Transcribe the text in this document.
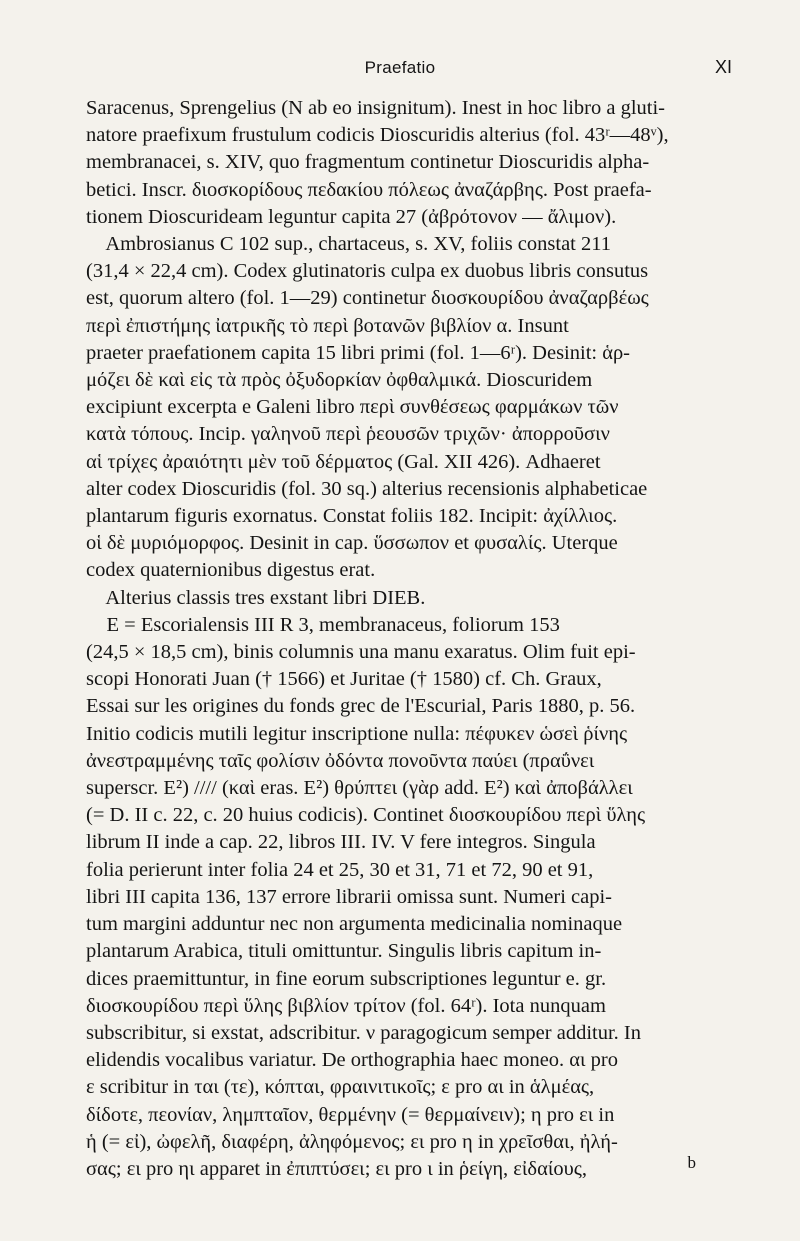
Praefatio	XI
Saracenus, Sprengelius (N ab eo insignitum). Inest in hoc libro a gluti-
natore praefixum frustulum codicis Dioscuridis alterius (fol. 43ʳ—48ᵛ),
membranacei, s. XIV, quo fragmentum continetur Dioscuridis alpha-
betici. Inscr. διοσκορίδους πεδακίου πόλεως ἀναζάρβης. Post praefa-
tionem Dioscurideam leguntur capita 27 (ἀβρότονον — ἄλιμον).
Ambrosianus C 102 sup., chartaceus, s. XV, foliis constat 211
(31,4 × 22,4 cm). Codex glutinatoris culpa ex duobus libris consutus
est, quorum altero (fol. 1—29) continetur διοσκουρίδου ἀναζαρβέως
περὶ ἐπιστήμης ἰατρικῆς τὸ περὶ βοτανῶν βιβλίον α. Insunt
praeter praefationem capita 15 libri primi (fol. 1—6ʳ). Desinit: ἁρ-
μόζει δὲ καὶ εἰς τὰ πρὸς ὀξυδορκίαν ὀφθαλμικά. Dioscuridem
excipiunt excerpta e Galeni libro περὶ συνθέσεως φαρμάκων τῶν
κατὰ τόπους. Incip. γαληνοῦ περὶ ῥεουσῶν τριχῶν· ἀπορροῦσιν
αἱ τρίχες ἀραιότητι μὲν τοῦ δέρματος (Gal. XII 426). Adhaeret
alter codex Dioscuridis (fol. 30 sq.) alterius recensionis alphabeticae
plantarum figuris exornatus. Constat foliis 182. Incipit: ἀχίλλιος.
οἱ δὲ μυριόμορφος. Desinit in cap. ὕσσωπον et φυσαλίς. Uterque
codex quaternionibus digestus erat.
Alterius classis tres exstant libri DIEB.
E = Escorialensis III R 3, membranaceus, foliorum 153
(24,5 × 18,5 cm), binis columnis una manu exaratus. Olim fuit epi-
scopi Honorati Juan († 1566) et Juritae († 1580) cf. Ch. Graux,
Essai sur les origines du fonds grec de l'Escurial, Paris 1880, p. 56.
Initio codicis mutili legitur inscriptione nulla: πέφυκεν ὡσεὶ ῥίνης
ἀνεστραμμένης ταῖς φολίσιν ὀδόντα πονοῦντα παύει (πραΰνει
superscr. E²) //// (καὶ eras. E²) θρύπτει (γὰρ add. E²) καὶ ἀποβάλλει
(= D. II c. 22, c. 20 huius codicis). Continet διοσκουρίδου περὶ ὕλης
librum II inde a cap. 22, libros III. IV. V fere integros. Singula
folia perierunt inter folia 24 et 25, 30 et 31, 71 et 72, 90 et 91,
libri III capita 136, 137 errore librarii omissa sunt. Numeri capi-
tum margini adduntur nec non argumenta medicinalia nominaque
plantarum Arabica, tituli omittuntur. Singulis libris capitum in-
dices praemittuntur, in fine eorum subscriptiones leguntur e. gr.
διοσκουρίδου περὶ ὕλης βιβλίον τρίτον (fol. 64ʳ). Iota nunquam
subscribitur, si exstat, adscribitur. ν paragogicum semper additur. In
elidendis vocalibus variatur. De orthographia haec moneo. αι pro
ε scribitur in ται (τε), κόπται, φραινιτικοῖς; ε pro αι in ἁλμέας,
δίδοτε, πεονίαν, λημπταῖον, θερμένην (= θερμαίνειν); η pro ει in
ἡ (= εἰ), ὠφελῆ, διαφέρη, ἀληφόμενος; ει pro η in χρεῖσθαι, ἠλή-
σας; ει pro ηι apparet in ἐπιπτύσει; ει pro ι in ῥείγη, εἰδαίους,	b
